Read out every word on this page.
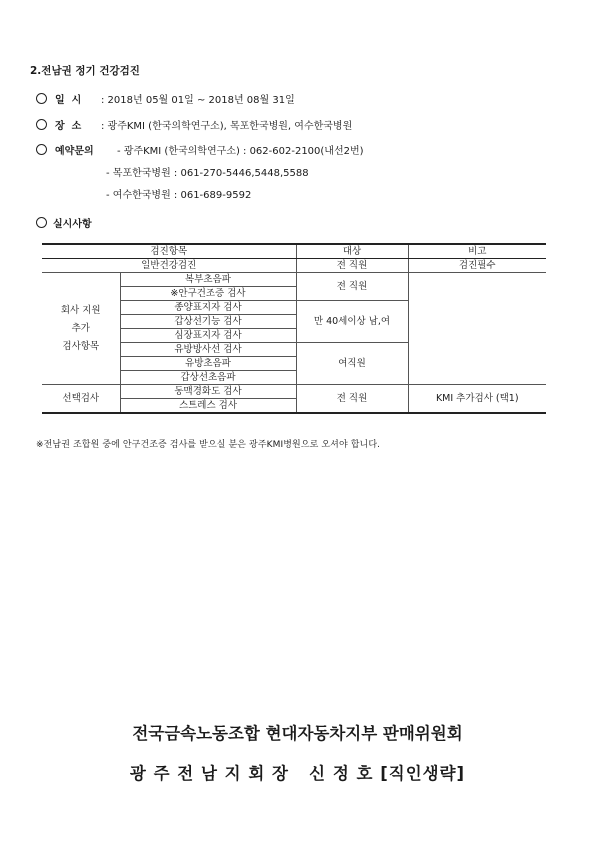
2.전남권 정기 건강검진
일  시 : 2018년 05월 01일 ~ 2018년 08월 31일
장  소 : 광주KMI (한국의학연구소), 목포한국병원, 여수한국병원
예약문의 - 광주KMI (한국의학연구소) : 062-602-2100(내선2번)
- 목포한국병원 : 061-270-5446,5448,5588
- 여수한국병원 : 061-689-9592
실시사항
검진항목		대상	비고
일반건강검진		전 직원	검진필수

회사 지원
추가
검사항목	복부초음파	전 직원	
	※안구건조증 검사		
	종양표지자 검사	만 40세이상 남,여	
	갑상선기능 검사		
	심장표지자 검사		
	유방방사선 검사	여직원	
	유방초음파		
	갑상선초음파		
선택검사	동맥경화도 검사	전 직원	KMI 추가검사 (택1)
	스트레스 검사		
※전남권 조합원 중에 안구건조증 검사를 받으실 분은 광주KMI병원으로 오셔야 합니다.
전국금속노동조합 현대자동차지부 판매위원회
광 주 전 남 지 회 장   신 정 호 [직인생략]
